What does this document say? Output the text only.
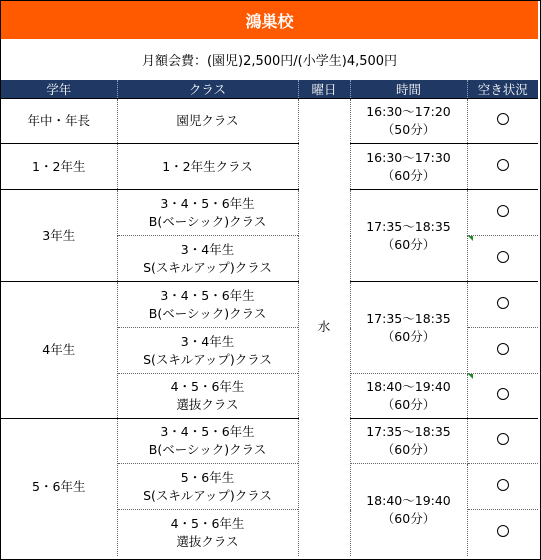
鴻巣校
月額会費：(園児)2,500円/(小学生)4,500円
学年	クラス	曜日	時間	空き状況
年中・年長	園児クラス	水	16:30～17:20
（50分）	

1・2年生	1・2年生クラス		16:30～17:30
（60分）	

3年生	3・4・5・6年生
B(ベーシック)クラス		17:35～18:35
（60分）	

	3・4年生
S(スキルアップ)クラス			

4年生	3・4・5・6年生
B(ベーシック)クラス		17:35～18:35
（60分）	

	3・4年生
S(スキルアップ)クラス			

	4・5・6年生
選抜クラス		18:40～19:40
（60分）	

5・6年生	3・4・5・6年生
B(ベーシック)クラス		17:35～18:35
（60分）	

	5・6年生
S(スキルアップ)クラス		18:40～19:40
（60分）	

	4・5・6年生
選抜クラス			
